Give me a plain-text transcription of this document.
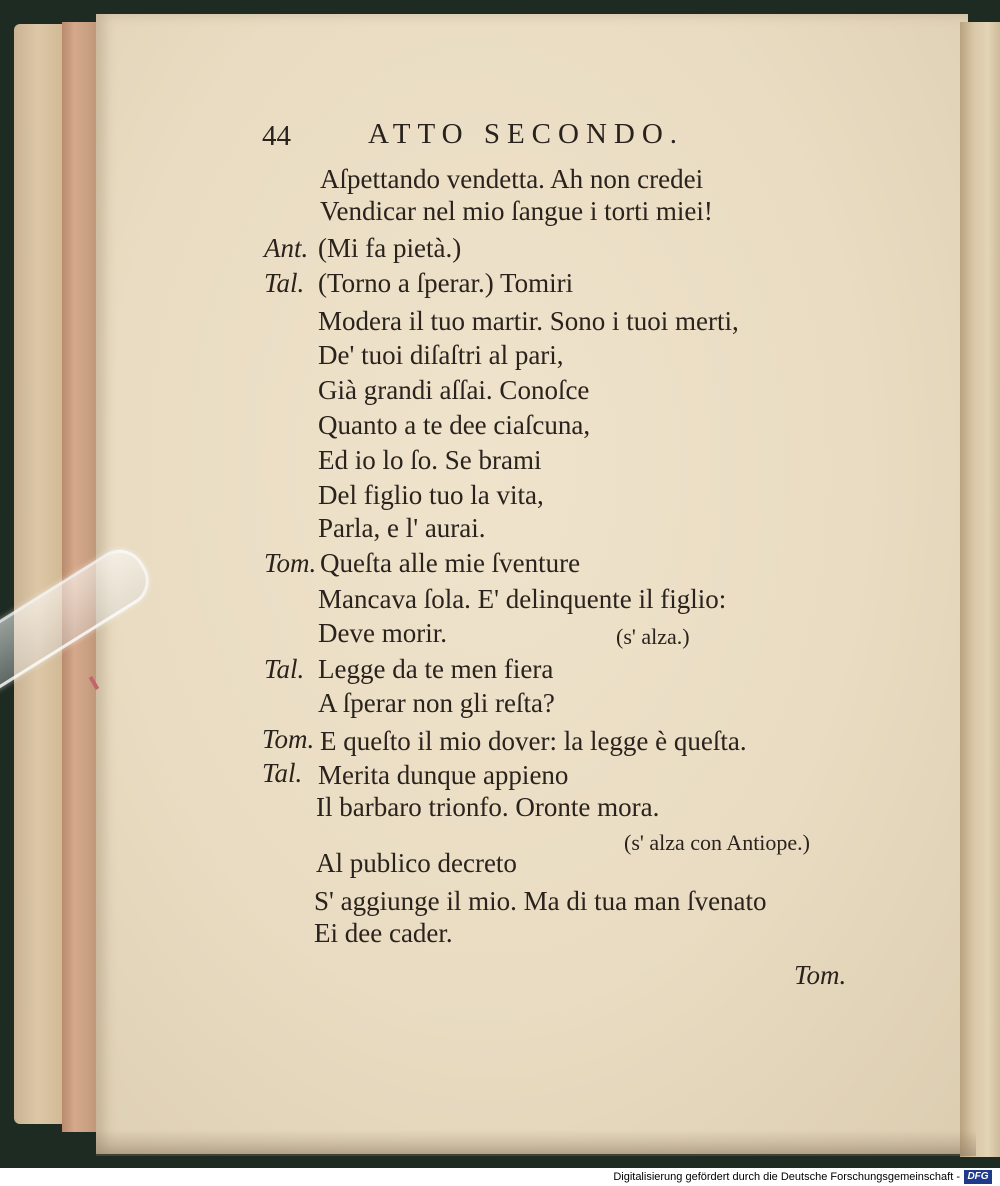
44	ATTO SECONDO.
Aſpettando vendetta. Ah non credei
Vendicar nel mio ſangue i torti miei!
Ant. (Mi fa pietà.)
Tal. (Torno a ſperar.) Tomiri
Modera il tuo martir. Sono i tuoi merti,
De' tuoi diſaſtri al pari,
Già grandi aſſai. Conoſce
Quanto a te dee ciaſcuna,
Ed io lo ſo. Se brami
Del figlio tuo la vita,
Parla, e l' aurai.
Tom. Queſta alle mie ſventure
Mancava ſola. E' delinquente il figlio:
Deve morir.	(s' alza.)
Tal. Legge da te men fiera
A ſperar non gli reſta?
Tom. E queſto il mio dover: la legge è queſta.
Tal. Merita dunque appieno
Il barbaro trionfo. Oronte mora.
(s' alza con Antiope.)
Al publico decreto
S' aggiunge il mio. Ma di tua man ſvenato
Ei dee cader.
Tom.
Digitalisierung gefördert durch die Deutsche Forschungsgemeinschaft - DFG
